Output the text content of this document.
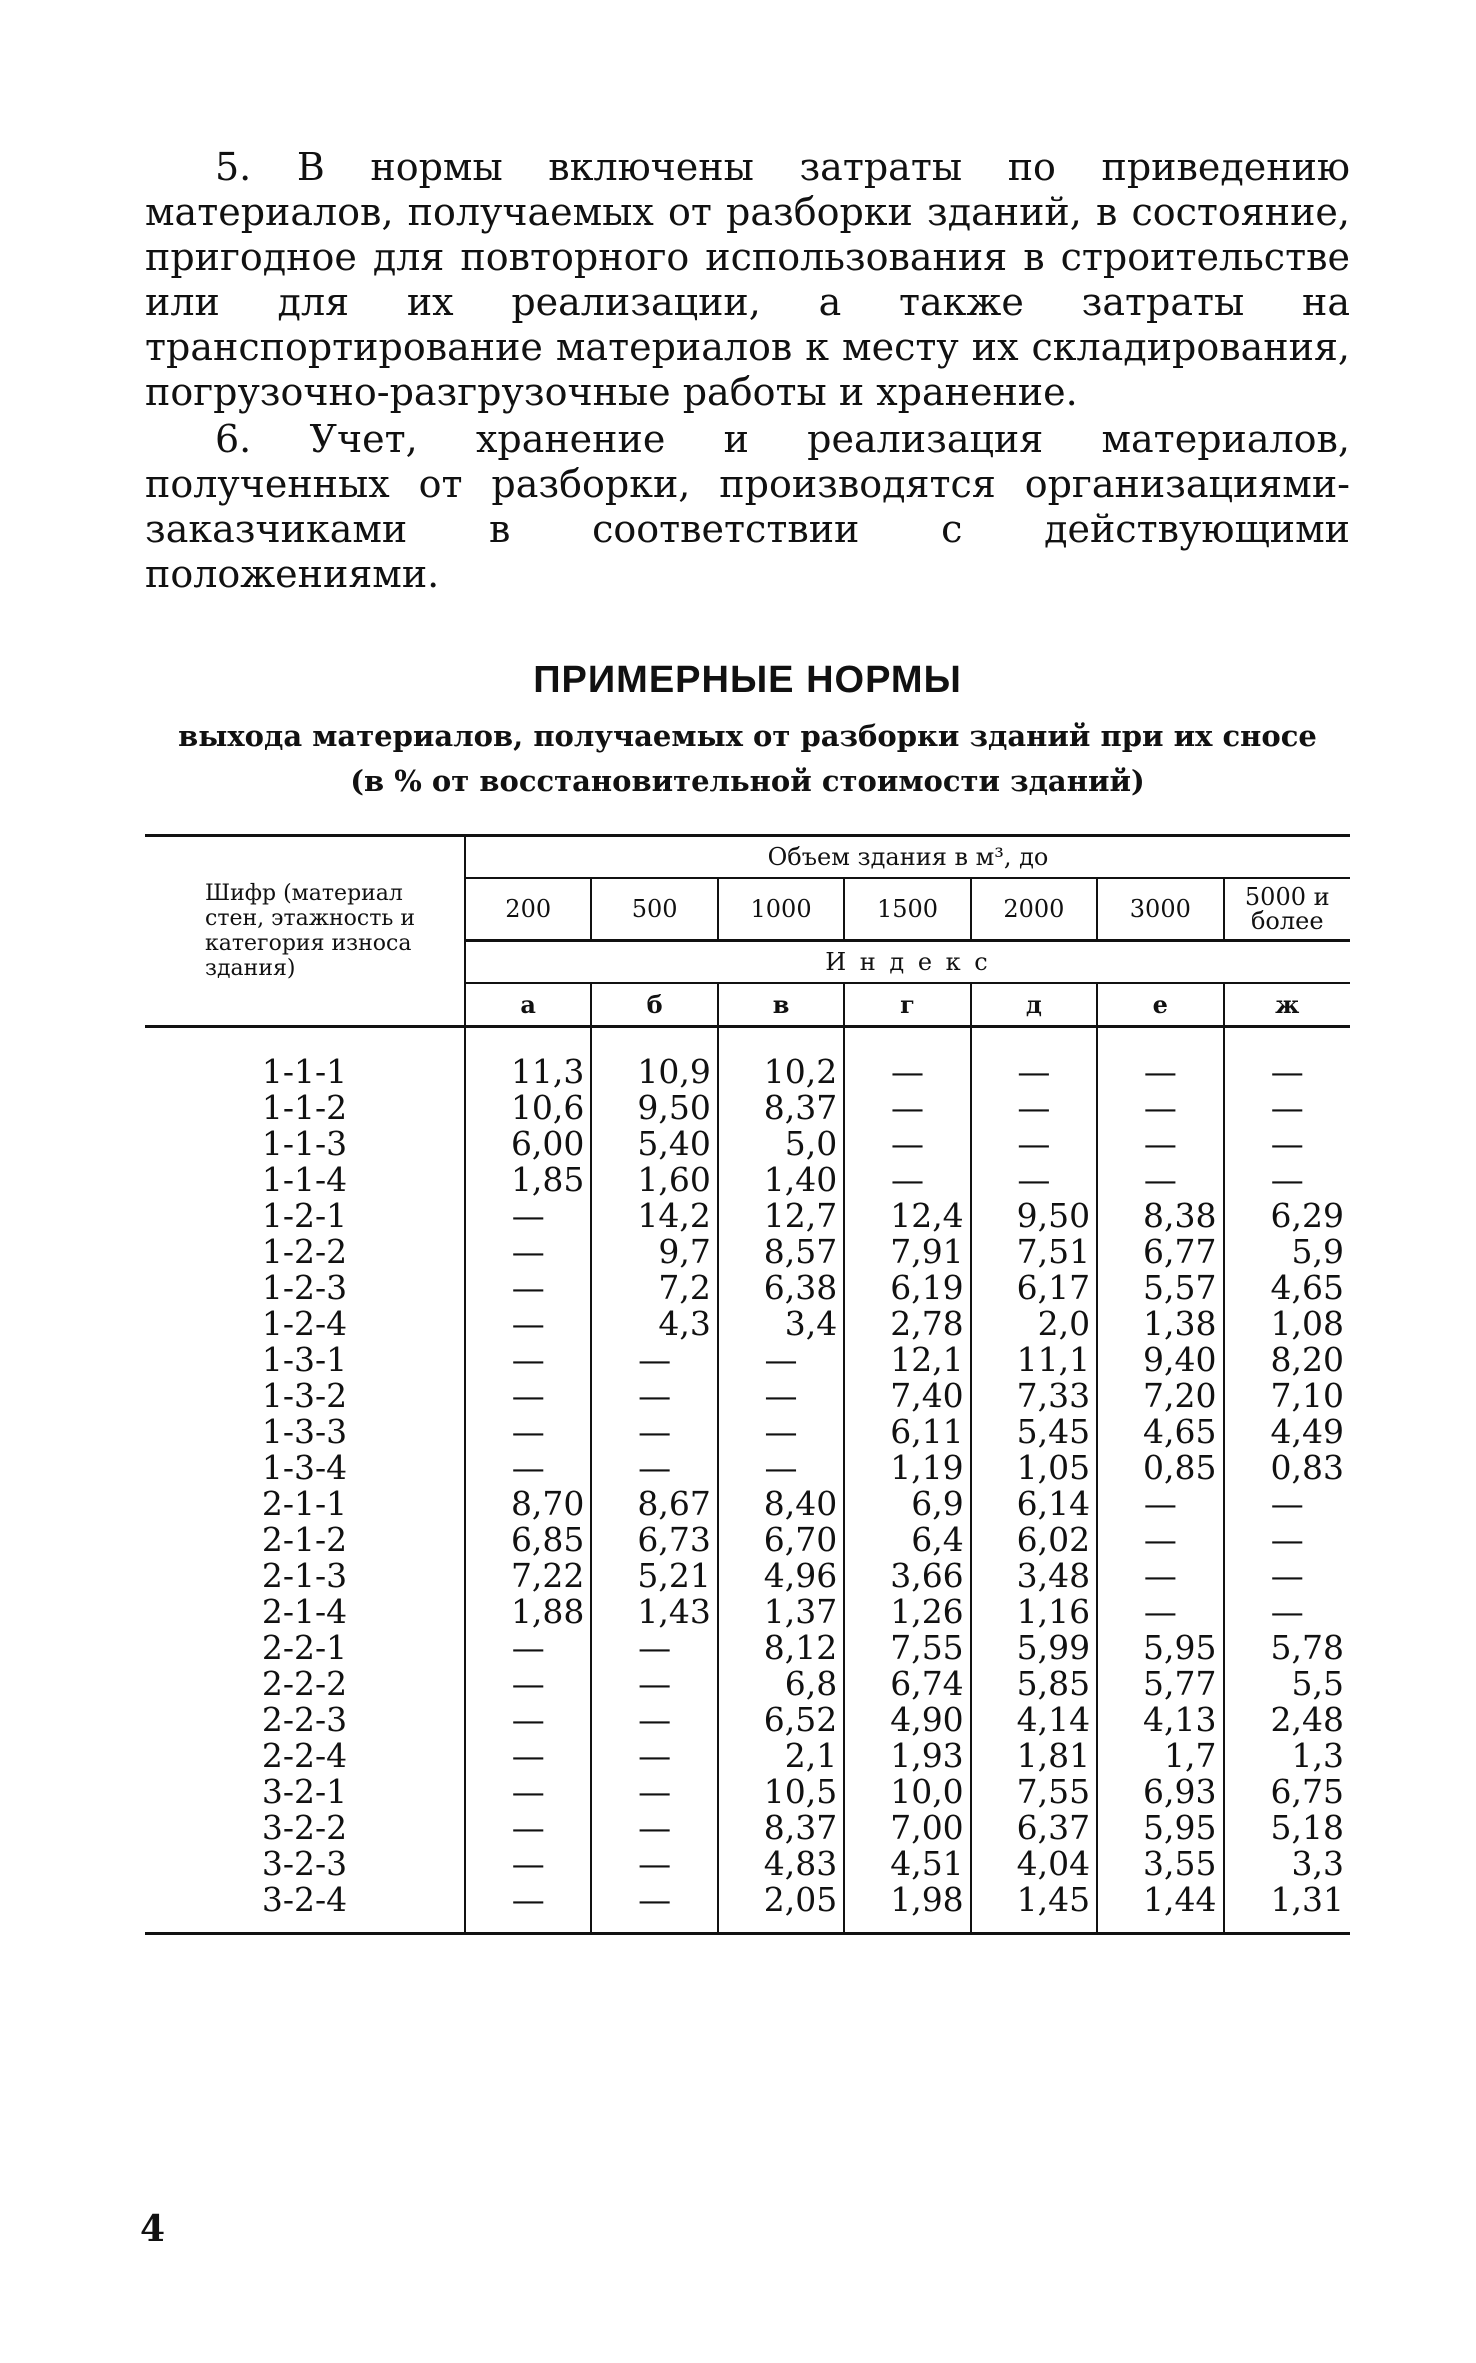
5. В нормы включены затраты по приведению материалов, получаемых от разборки зданий, в состояние, пригодное для повторного использования в строительстве или для их реализации, а также затраты на транспортирование материалов к месту их складирования, погрузочно-разгрузочные работы и хранение.

6. Учет, хранение и реализация материалов, полученных от разборки, производятся организациями-заказчиками в соответствии с действующими положениями.

ПРИМЕРНЫЕ НОРМЫ
выхода материалов, получаемых от разборки зданий при их сносе
(в % от восстановительной стоимости зданий)
Шифр (материал стен, этажность и категория износа здания)	Объем здания в м³, до						
	200	500	1000	1500	2000	3000	5000 и более
	И н д е к с						
	а	б	в	г	д	е	ж

1-1-1	11,3	10,9	10,2	—	—	—	—
1-1-2	10,6	9,50	8,37	—	—	—	—
1-1-3	6,00	5,40	5,0	—	—	—	—
1-1-4	1,85	1,60	1,40	—	—	—	—
1-2-1	—	14,2	12,7	12,4	9,50	8,38	6,29
1-2-2	—	9,7	8,57	7,91	7,51	6,77	5,9
1-2-3	—	7,2	6,38	6,19	6,17	5,57	4,65
1-2-4	—	4,3	3,4	2,78	2,0	1,38	1,08
1-3-1	—	—	—	12,1	11,1	9,40	8,20
1-3-2	—	—	—	7,40	7,33	7,20	7,10
1-3-3	—	—	—	6,11	5,45	4,65	4,49
1-3-4	—	—	—	1,19	1,05	0,85	0,83
2-1-1	8,70	8,67	8,40	6,9	6,14	—	—
2-1-2	6,85	6,73	6,70	6,4	6,02	—	—
2-1-3	7,22	5,21	4,96	3,66	3,48	—	—
2-1-4	1,88	1,43	1,37	1,26	1,16	—	—
2-2-1	—	—	8,12	7,55	5,99	5,95	5,78
2-2-2	—	—	6,8	6,74	5,85	5,77	5,5
2-2-3	—	—	6,52	4,90	4,14	4,13	2,48
2-2-4	—	—	2,1	1,93	1,81	1,7	1,3
3-2-1	—	—	10,5	10,0	7,55	6,93	6,75
3-2-2	—	—	8,37	7,00	6,37	5,95	5,18
3-2-3	—	—	4,83	4,51	4,04	3,55	3,3
3-2-4	—	—	2,05	1,98	1,45	1,44	1,31

4
